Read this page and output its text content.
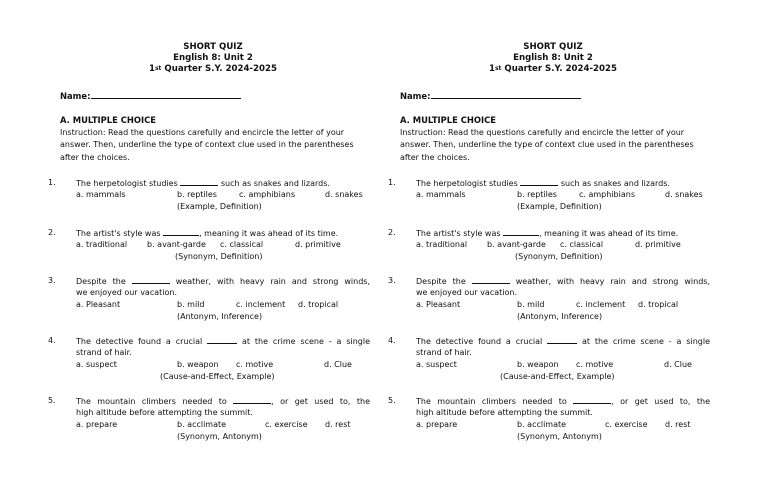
SHORT QUIZ
English 8: Unit 2
1st Quarter S.Y. 2024-2025
Name:
A. MULTIPLE CHOICE
Instruction: Read the questions carefully and encircle the letter of your
answer. Then, underline the type of context clue used in the parentheses
after the choices.
1.	The herpetologist studies	such as snakes and lizards.
a. mammals	b. reptiles	c. amphibians	d. snakes
(Example, Definition)
2.	The artist's style was	, meaning it was ahead of its time.
a. traditional b. avant-garde c. classical	d. primitive
(Synonym, Definition)
3.	Despite the	weather, with heavy rain and strong winds,
we enjoyed our vacation.
a. Pleasant	b. mild	c. inclement d. tropical
(Antonym, Inference)
4.	The detective found a crucial	at the crime scene - a single
strand of hair.
a. suspect	b. weapon c. motive	d. Clue
(Cause-and-Effect, Example)
5.	The mountain climbers needed to	, or get used to, the
high altitude before attempting the summit.
a. prepare	b. acclimate	c. exercise d. rest
(Synonym, Antonym)
SHORT QUIZ
English 8: Unit 2
1st Quarter S.Y. 2024-2025
Name:
A. MULTIPLE CHOICE
Instruction: Read the questions carefully and encircle the letter of your
answer. Then, underline the type of context clue used in the parentheses
after the choices.
1.	The herpetologist studies	such as snakes and lizards.
a. mammals	b. reptiles	c. amphibians	d. snakes
(Example, Definition)
2.	The artist's style was	, meaning it was ahead of its time.
a. traditional b. avant-garde c. classical	d. primitive
(Synonym, Definition)
3.	Despite the	weather, with heavy rain and strong winds,
we enjoyed our vacation.
a. Pleasant	b. mild	c. inclement d. tropical
(Antonym, Inference)
4.	The detective found a crucial	at the crime scene - a single
strand of hair.
a. suspect	b. weapon c. motive	d. Clue
(Cause-and-Effect, Example)
5.	The mountain climbers needed to	, or get used to, the
high altitude before attempting the summit.
a. prepare	b. acclimate	c. exercise d. rest
(Synonym, Antonym)
